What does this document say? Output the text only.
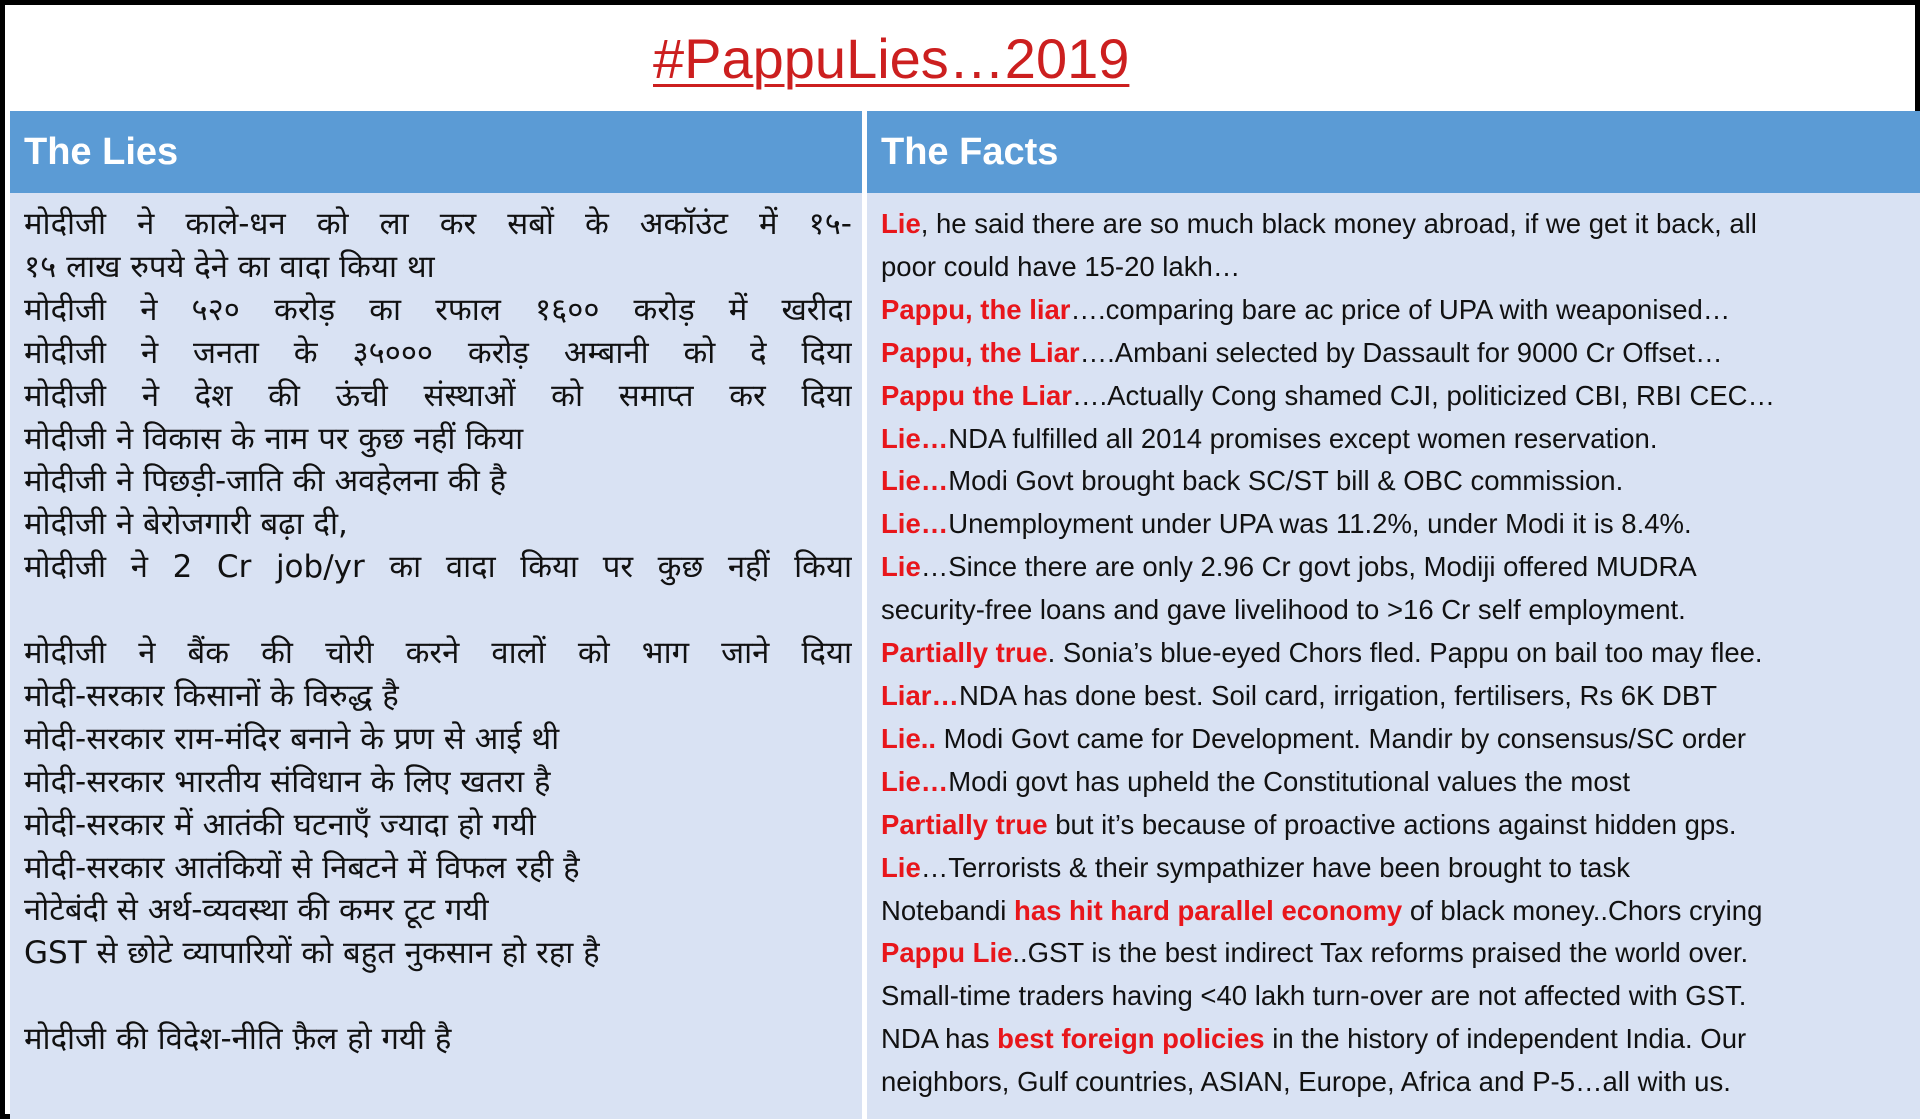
#PappuLies…2019
The Lies	The Facts
मोदीजी ने काले-धन को ला कर सबों के अकॉउंट में १५-
१५ लाख रुपये देने का वादा किया था
मोदीजी ने ५२० करोड़ का रफाल १६०० करोड़ में खरीदा
मोदीजी ने जनता के ३५००० करोड़ अम्बानी को दे दिया
मोदीजी ने देश की ऊंची संस्थाओं को समाप्त कर दिया
मोदीजी ने विकास के नाम पर कुछ नहीं किया
मोदीजी ने पिछड़ी-जाति की अवहेलना की है
मोदीजी ने बेरोजगारी बढ़ा दी,
मोदीजी ने 2 Cr job/yr का वादा किया पर कुछ नहीं किया
मोदीजी ने बैंक की चोरी करने वालों को भाग जाने दिया
मोदी-सरकार किसानों के विरुद्ध है
मोदी-सरकार राम-मंदिर बनाने के प्रण से आई थी
मोदी-सरकार भारतीय संविधान के लिए खतरा है
मोदी-सरकार में आतंकी घटनाएँ ज्यादा हो गयी
मोदी-सरकार आतंकियों से निबटने में विफल रही है
नोटेबंदी से अर्थ-व्यवस्था की कमर टूट गयी
GST से छोटे व्यापारियों को बहुत नुकसान हो रहा है
मोदीजी की विदेश-नीति फ़ैल हो गयी है
Lie, he said there are so much black money abroad, if we get it back, all
poor could have 15-20 lakh…
Pappu, the liar….comparing bare ac price of UPA with weaponised…
Pappu, the Liar….Ambani selected by Dassault for 9000 Cr Offset…
Pappu the Liar….Actually Cong shamed CJI, politicized CBI, RBI CEC…
Lie…NDA fulfilled all 2014 promises except women reservation.
Lie…Modi Govt brought back SC/ST bill & OBC commission.
Lie…Unemployment under UPA was 11.2%, under Modi it is 8.4%.
Lie…Since there are only 2.96 Cr govt jobs, Modiji offered MUDRA
security-free loans and gave livelihood to >16 Cr self employment.
Partially true. Sonia’s blue-eyed Chors fled. Pappu on bail too may flee.
Liar…NDA has done best. Soil card, irrigation, fertilisers, Rs 6K DBT
Lie.. Modi Govt came for Development. Mandir by consensus/SC order
Lie…Modi govt has upheld the Constitutional values the most
Partially true but it’s because of proactive actions against hidden gps.
Lie…Terrorists & their sympathizer have been brought to task
Notebandi has hit hard parallel economy of black money..Chors crying
Pappu Lie..GST is the best indirect Tax reforms praised the world over.
Small-time traders having <40 lakh turn-over are not affected with GST.
NDA has best foreign policies in the history of independent India. Our
neighbors, Gulf countries, ASIAN, Europe, Africa and P-5…all with us.
